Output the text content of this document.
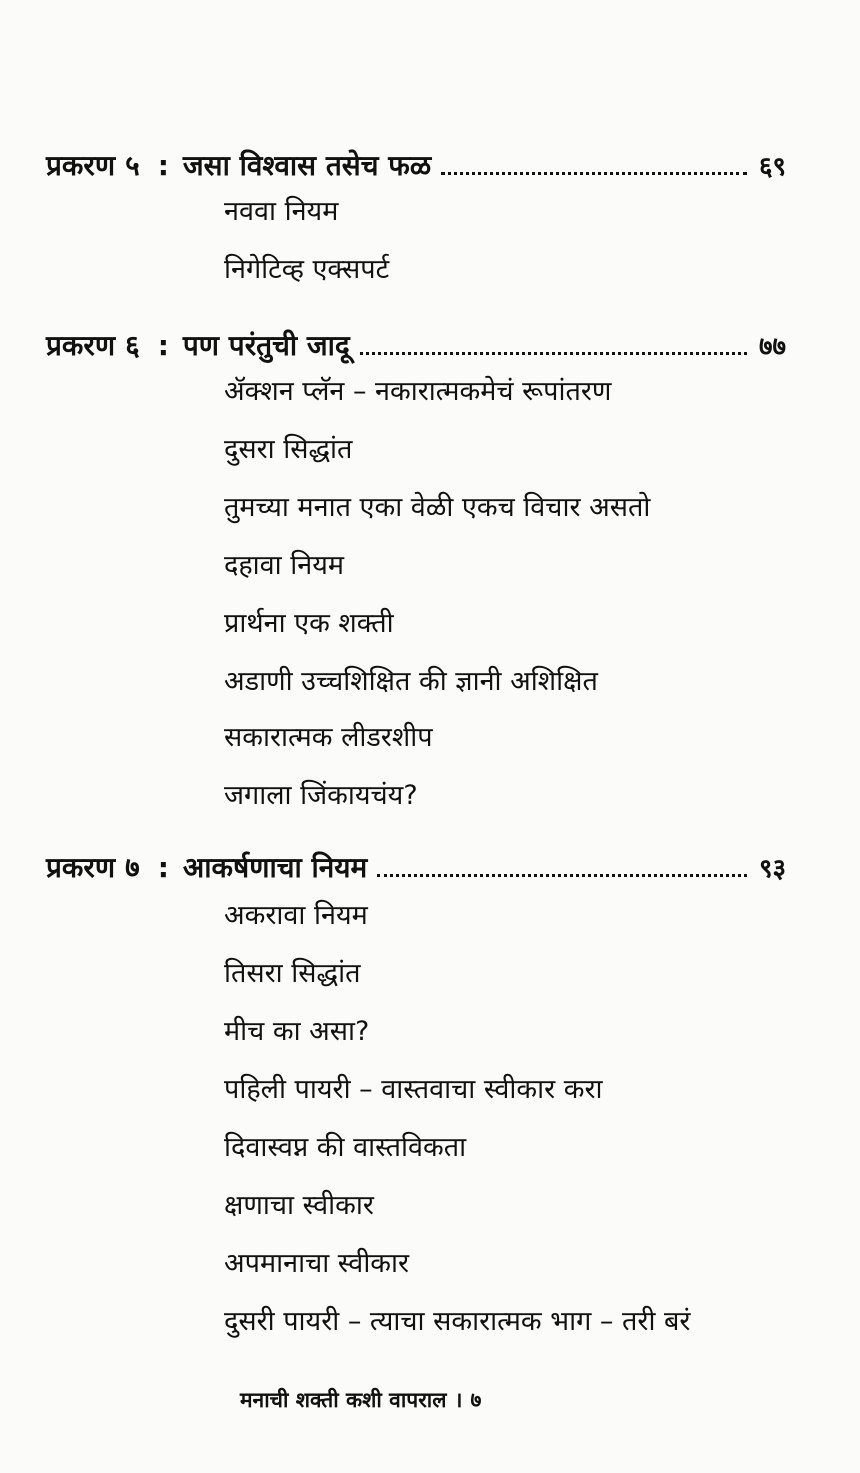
प्रकरण ५ : जसा विश्वास तसेच फळ	६९
नववा नियम
निगेटिव्ह एक्सपर्ट
प्रकरण ६ : पण परंतुची जादू	७७
ॲक्शन प्लॅन – नकारात्मकमेचं रूपांतरण
दुसरा सिद्धांत
तुमच्या मनात एका वेळी एकच विचार असतो
दहावा नियम
प्रार्थना एक शक्ती
अडाणी उच्चशिक्षित की ज्ञानी अशिक्षित
सकारात्मक लीडरशीप
जगाला जिंकायचंय?
प्रकरण ७ : आकर्षणाचा नियम	९३
अकरावा नियम
तिसरा सिद्धांत
मीच का असा?
पहिली पायरी – वास्तवाचा स्वीकार करा
दिवास्वप्न की वास्तविकता
क्षणाचा स्वीकार
अपमानाचा स्वीकार
दुसरी पायरी – त्याचा सकारात्मक भाग – तरी बरं
मनाची शक्ती कशी वापराल । ७
